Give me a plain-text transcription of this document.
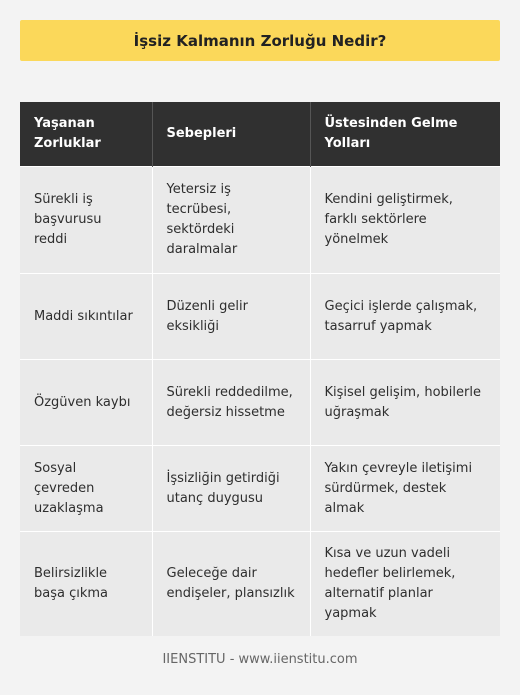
İşsiz Kalmanın Zorluğu Nedir?
Yaşanan Zorluklar	Sebepleri	Üstesinden Gelme Yolları
Sürekli iş başvurusu reddi	Yetersiz iş tecrübesi, sektördeki daralmalar	Kendini geliştirmek, farklı sektörlere yönelmek
Maddi sıkıntılar	Düzenli gelir eksikliği	Geçici işlerde çalışmak, tasarruf yapmak
Özgüven kaybı	Sürekli reddedilme, değersiz hissetme	Kişisel gelişim, hobilerle uğraşmak
Sosyal çevreden uzaklaşma	İşsizliğin getirdiği utanç duygusu	Yakın çevreyle iletişimi sürdürmek, destek almak
Belirsizlikle başa çıkma	Geleceğe dair endişeler, plansızlık	Kısa ve uzun vadeli hedefler belirlemek, alternatif planlar yapmak
IIENSTITU - www.iienstitu.com
